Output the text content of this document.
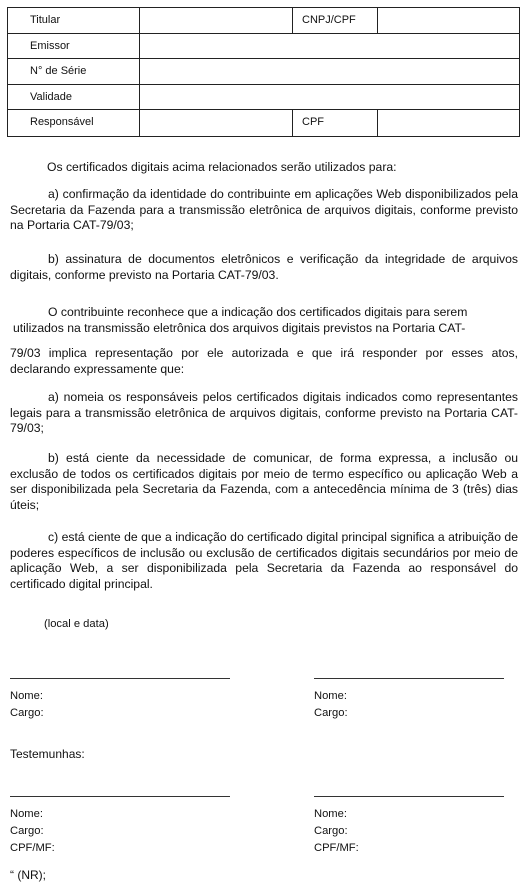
Titular	CNPJ/CPF
Emissor
N° de Série
Validade
Responsável	CPF

Os certificados digitais acima relacionados serão utilizados para:

a) confirmação da identidade do contribuinte em aplicações Web disponibilizados pela Secretaria da Fazenda para a transmissão eletrônica de arquivos digitais, conforme previsto na Portaria CAT-79/03;

b) assinatura de documentos eletrônicos e verificação da integridade de arquivos digitais, conforme previsto na Portaria CAT-79/03.

O contribuinte reconhece que a indicação dos certificados digitais para serem

utilizados na transmissão eletrônica dos arquivos digitais previstos na Portaria CAT-

79/03 implica representação por ele autorizada e que irá responder por esses atos, declarando expressamente que:

a) nomeia os responsáveis pelos certificados digitais indicados como representantes legais para a transmissão eletrônica de arquivos digitais, conforme previsto na Portaria CAT-79/03;

b) está ciente da necessidade de comunicar, de forma expressa, a inclusão ou exclusão de todos os certificados digitais por meio de termo específico ou aplicação Web a ser disponibilizada pela Secretaria da Fazenda, com a antecedência mínima de 3 (três) dias úteis;

c) está ciente de que a indicação do certificado digital principal significa a atribuição de poderes específicos de inclusão ou exclusão de certificados digitais secundários por meio de aplicação Web, a ser disponibilizada pela Secretaria da Fazenda ao responsável do certificado digital principal.

(local e data)

Nome:
Cargo:
Nome:
Cargo:
Testemunhas:
Nome:
Cargo:
CPF/MF:
Nome:
Cargo:
CPF/MF:
“ (NR);
